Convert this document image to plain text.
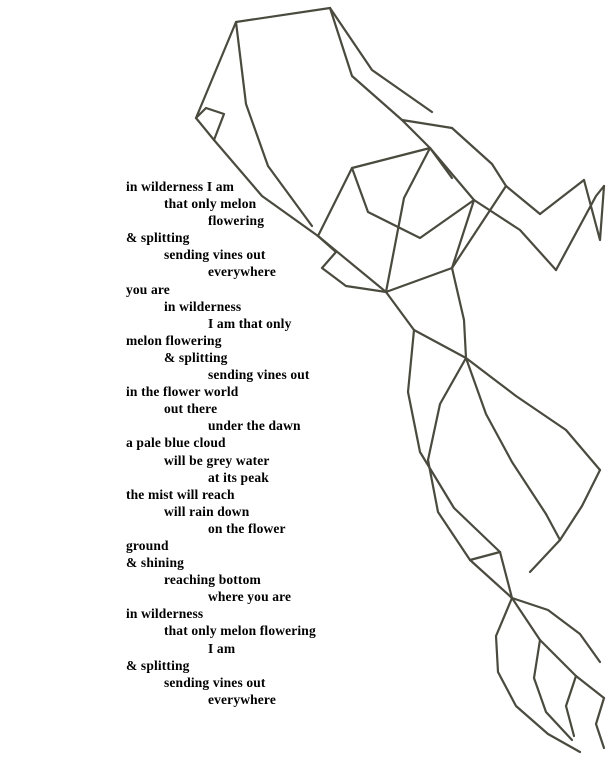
in wilderness I am
that only melon
flowering
& splitting
sending vines out
everywhere
you are
in wilderness
I am that only
melon flowering
& splitting
sending vines out
in the flower world
out there
under the dawn
a pale blue cloud
will be grey water
at its peak
the mist will reach
will rain down
on the flower
ground
& shining
reaching bottom
where you are
in wilderness
that only melon flowering
I am
& splitting
sending vines out
everywhere
